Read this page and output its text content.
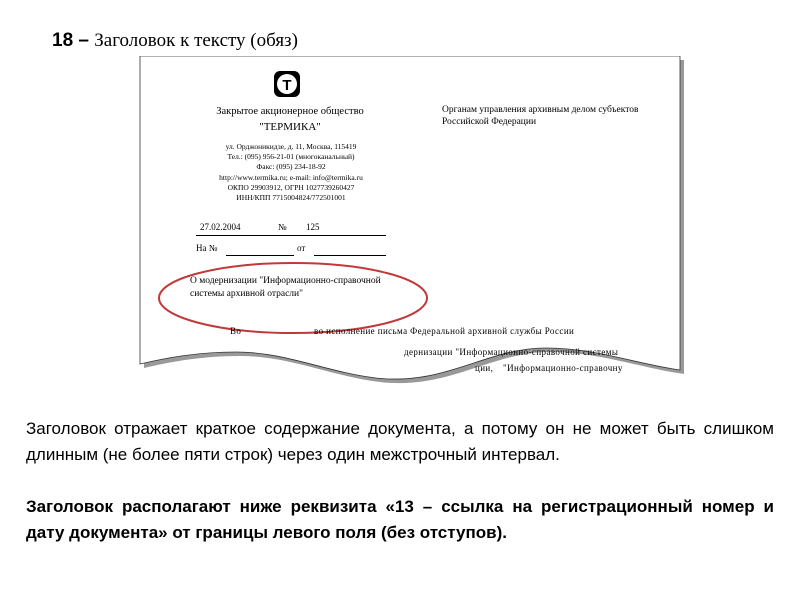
18 – Заголовок к тексту (обяз)
T
Закрытое акционерное общество
"ТЕРМИКА"
ул. Орджоникидзе, д. 11, Москва, 115419
Тел.: (095) 956-21-01 (многоканальный)
Факс: (095) 234-18-92
http://www.termika.ru; e-mail: info@termika.ru
ОКПО 29903912, ОГРН 1027739260427
ИНН/КПП 7715004824/772501001
Органам управления архивным делом субъектов Российской Федерации
27.02.2004	№ 125
На №	от
О модернизации "Информационно-справочной системы архивной отрасли"
Во	во исполнение письма Федеральной архивной службы России
дернизации "Информационно-справочной системы
ции, "Информационно-справочну
Заголовок отражает краткое содержание документа, а потому он не может быть слишком длинным (не более пяти строк) через один межстрочный интервал.
Заголовок располагают ниже реквизита «13 – ссылка на регистрационный номер и дату документа» от границы левого поля (без отступов).
